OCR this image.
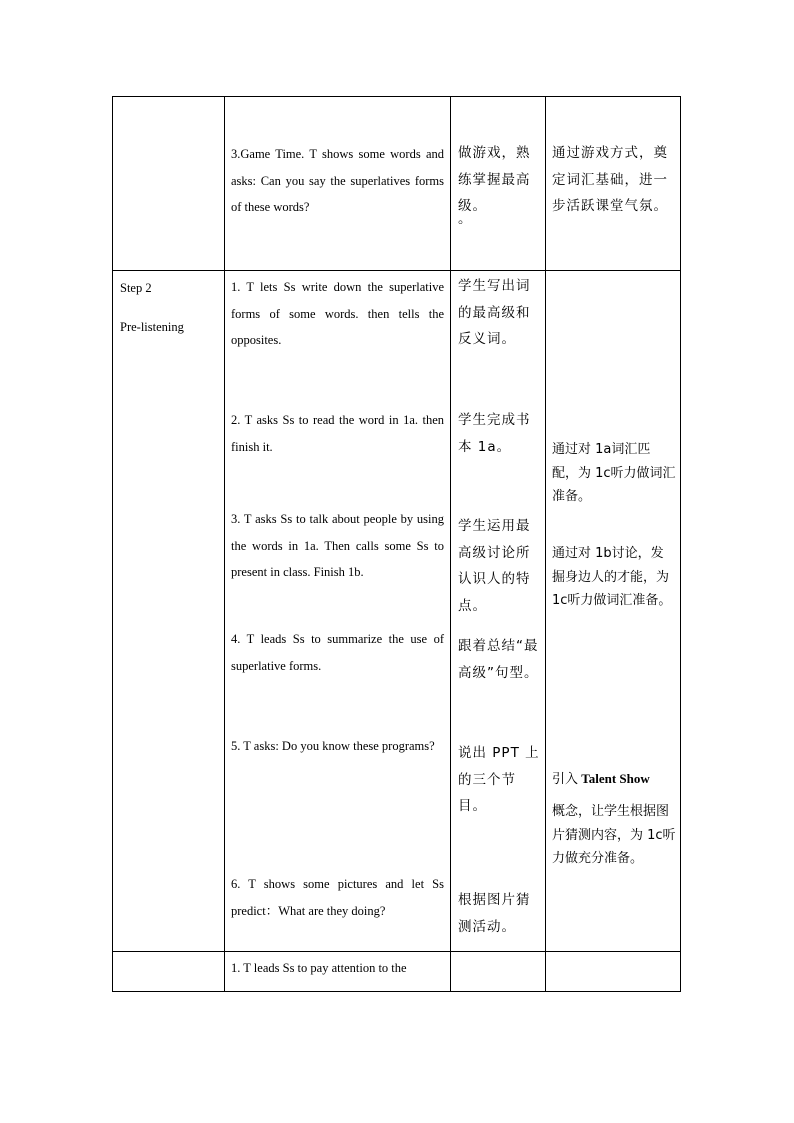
3.Game Time. T shows some words and asks: Can you say the superlatives forms of these words?
做游戏，熟练掌握最高级。
。
通过游戏方式，奠定词汇基础，进一步活跃课堂气氛。
Step 2
Pre-listening
1. T lets Ss write down the superlative forms of some words. then tells the opposites.
学生写出词的最高级和反义词。
2. T asks Ss to read the word in 1a. then finish it.
学生完成书本 1a。	通过对 1a词汇匹配，为 1c听力做词汇准备。
3. T asks Ss to talk about people by using the words in 1a. Then calls some Ss to present in class. Finish 1b.
学生运用最高级讨论所认识人的特点。
通过对 1b讨论，发掘身边人的才能，为 1c听力做词汇准备。
4. T leads Ss to summarize the use of superlative forms.
跟着总结“最高级”句型。
5. T asks: Do you know these programs?	说出 PPT 上的三个节目。
引入 Talent Show
概念，让学生根据图片猜测内容，为 1c听力做充分准备。
6. T shows some pictures and let Ss predict：What are they doing?
根据图片猜测活动。
1. T leads Ss to pay attention to the
